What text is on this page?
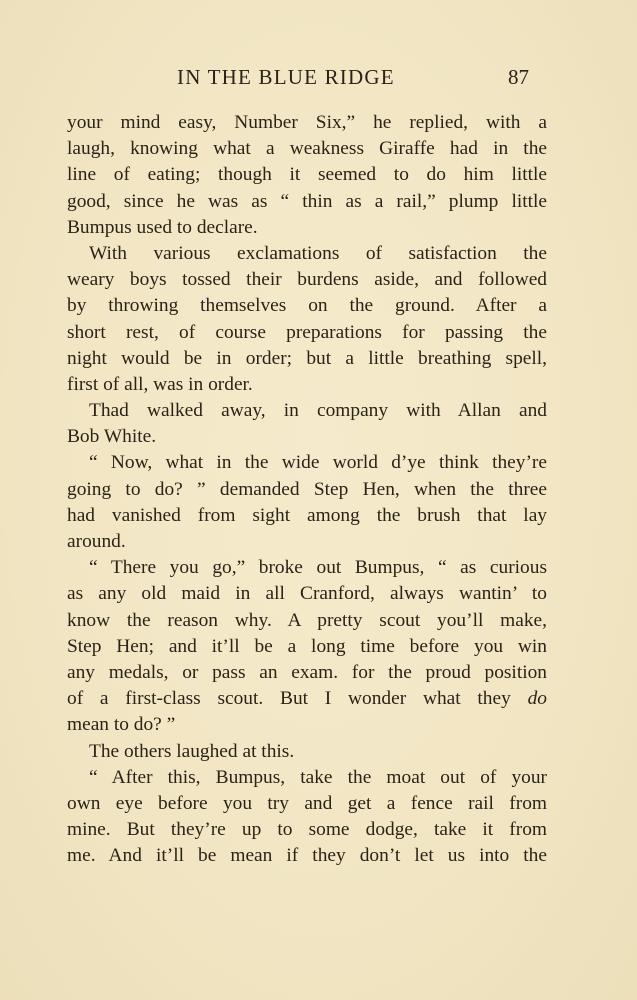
IN THE BLUE RIDGE	87
your mind easy, Number Six,” he replied, with a
laugh, knowing what a weakness Giraffe had in the
line of eating; though it seemed to do him little
good, since he was as “ thin as a rail,” plump little
Bumpus used to declare.
With various exclamations of satisfaction the
weary boys tossed their burdens aside, and followed
by throwing themselves on the ground. After a
short rest, of course preparations for passing the
night would be in order; but a little breathing spell,
first of all, was in order.
Thad walked away, in company with Allan and
Bob White.
“ Now, what in the wide world d’ye think they’re
going to do? ” demanded Step Hen, when the three
had vanished from sight among the brush that lay
around.
“ There you go,” broke out Bumpus, “ as curious
as any old maid in all Cranford, always wantin’ to
know the reason why. A pretty scout you’ll make,
Step Hen; and it’ll be a long time before you win
any medals, or pass an exam. for the proud position
of a first-class scout. But I wonder what they do
mean to do? ”
The others laughed at this.
“ After this, Bumpus, take the moat out of your
own eye before you try and get a fence rail from
mine. But they’re up to some dodge, take it from
me. And it’ll be mean if they don’t let us into the
